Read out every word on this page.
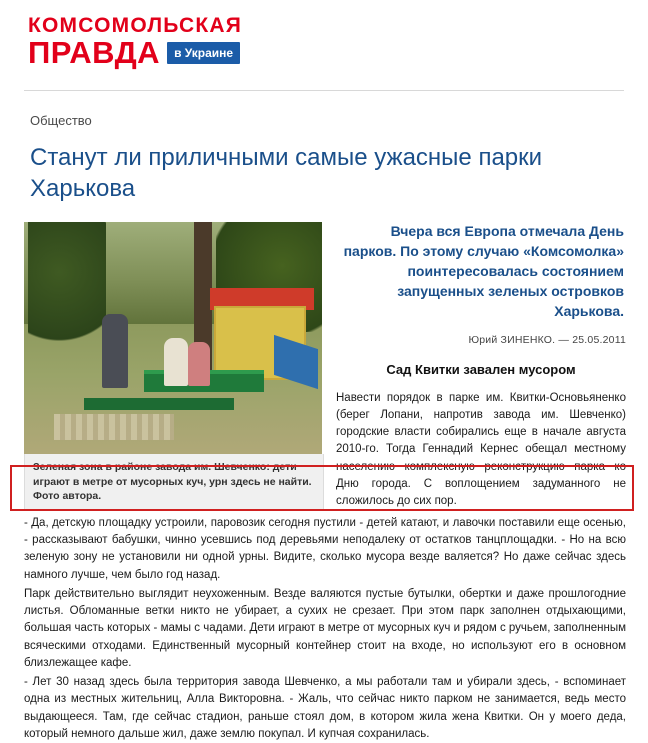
КОМСОМОЛЬСКАЯ
ПРАВДА	в Украине
Общество
Станут ли приличными самые ужасные парки Харькова
Зеленая зона в районе завода им. Шевченко: дети играют в метре от мусорных куч, урн здесь не найти. Фото автора.
Вчера вся Европа отмечала День парков. По этому случаю «Комсомолка» поинтересовалась состоянием запущенных зеленых островков Харькова.
Юрий ЗИНЕНКО. — 25.05.2011
Сад Квитки завален мусором

Навести порядок в парке им. Квитки-Основьяненко (берег Лопани, напротив завода им. Шевченко) городские власти собирались еще в начале августа 2010-го. Тогда Геннадий Кернес обещал местному населению комплексную реконструкцию парка ко Дню города. С воплощением задуманного не сложилось до сих пор.

- Да, детскую площадку устроили, паровозик сегодня пустили - детей катают, и лавочки поставили еще осенью, - рассказывают бабушки, чинно усевшись под деревьями неподалеку от остатков танцплощадки. - Но на всю зеленую зону не установили ни одной урны. Видите, сколько мусора везде валяется? Но даже сейчас здесь намного лучше, чем было год назад.

Парк действительно выглядит неухоженным. Везде валяются пустые бутылки, обертки и даже прошлогодние листья. Обломанные ветки никто не убирает, а сухих не срезает. При этом парк заполнен отдыхающими, большая часть которых - мамы с чадами. Дети играют в метре от мусорных куч и рядом с ручьем, заполненным всяческими отходами. Единственный мусорный контейнер стоит на входе, но используют его в основном близлежащее кафе.

- Лет 30 назад здесь была территория завода Шевченко, а мы работали там и убирали здесь, - вспоминает одна из местных жительниц, Алла Викторовна. - Жаль, что сейчас никто парком не занимается, ведь место выдающееся. Там, где сейчас стадион, раньше стоял дом, в котором жила жена Квитки. Он у моего деда, который немного дальше жил, даже землю покупал. И купчая сохранилась.
